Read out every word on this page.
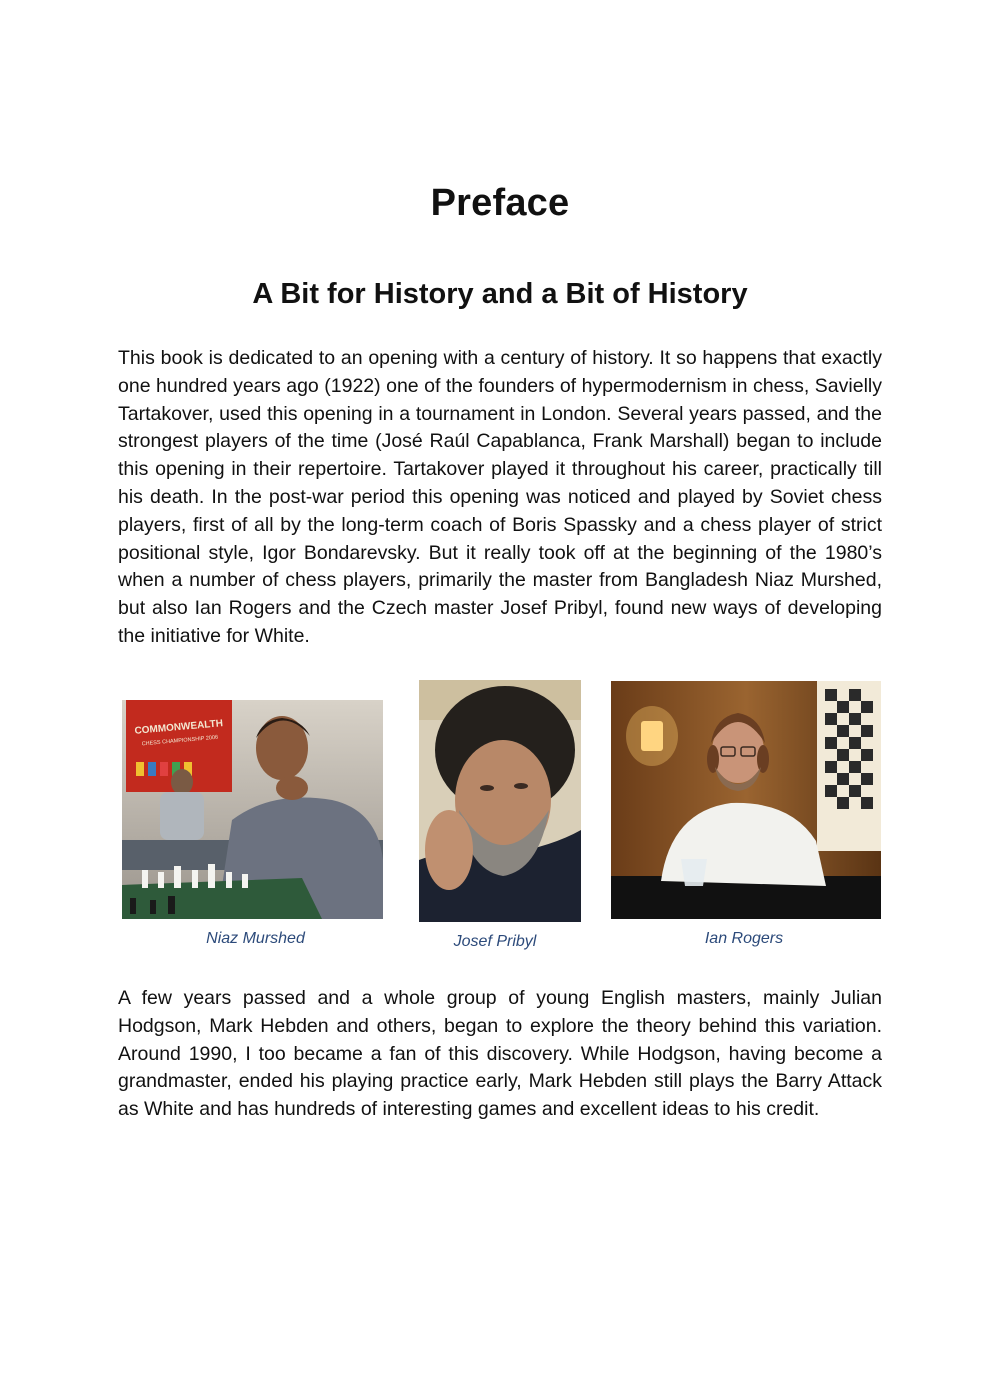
Preface
A Bit for History and a Bit of History

This book is dedicated to an opening with a century of history. It so happens that exactly one hundred years ago (1922) one of the founders of hypermodernism in chess, Savielly Tartakover, used this opening in a tournament in London. Several years passed, and the strongest players of the time (José Raúl Capablanca, Frank Marshall) began to include this opening in their repertoire. Tartakover played it throughout his career, practically till his death. In the post-war period this opening was noticed and played by Soviet chess players, first of all by the long-term coach of Boris Spassky and a chess player of strict positional style, Igor Bondarevsky. But it really took off at the beginning of the 1980’s when a number of chess players, primarily the master from Bangladesh Niaz Murshed, but also Ian Rogers and the Czech master Josef Pribyl, found new ways of developing the initiative for White.

COMMONWEALTH
CHESS CHAMPIONSHIP 2006

Niaz Murshed	Josef Pribyl	Ian Rogers

A few years passed and a whole group of young English masters, mainly Julian Hodgson, Mark Hebden and others, began to explore the theory behind this variation. Around 1990, I too became a fan of this discovery. While Hodgson, having become a grandmaster, ended his playing practice early, Mark Hebden still plays the Barry Attack as White and has hundreds of interesting games and excellent ideas to his credit.
